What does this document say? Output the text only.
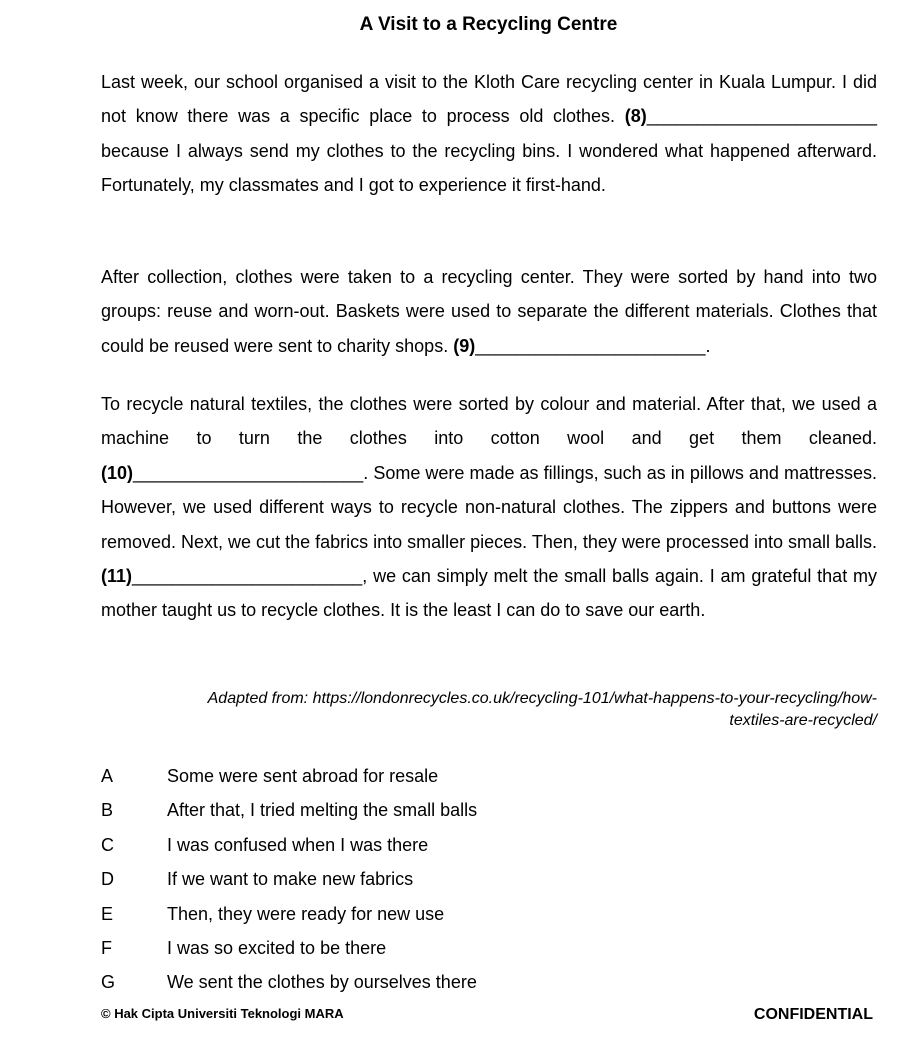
A Visit to a Recycling Centre
Last week, our school organised a visit to the Kloth Care recycling center in Kuala Lumpur. I did not know there was a specific place to process old clothes. (8)_______________________ because I always send my clothes to the recycling bins. I wondered what happened afterward. Fortunately, my classmates and I got to experience it first-hand.
After collection, clothes were taken to a recycling center. They were sorted by hand into two groups: reuse and worn-out. Baskets were used to separate the different materials. Clothes that could be reused were sent to charity shops. (9)_______________________.
To recycle natural textiles, the clothes were sorted by colour and material. After that, we used a machine to turn the clothes into cotton wool and get them cleaned. (10)_______________________. Some were made as fillings, such as in pillows and mattresses. However, we used different ways to recycle non-natural clothes. The zippers and buttons were removed. Next, we cut the fabrics into smaller pieces. Then, they were processed into small balls. (11)_______________________, we can simply melt the small balls again. I am grateful that my mother taught us to recycle clothes. It is the least I can do to save our earth.
Adapted from: https://londonrecycles.co.uk/recycling-101/what-happens-to-your-recycling/how-
textiles-are-recycled/
A	Some were sent abroad for resale
B	After that, I tried melting the small balls
C	I was confused when I was there
D	If we want to make new fabrics
E	Then, they were ready for new use
F	I was so excited to be there
G	We sent the clothes by ourselves there
© Hak Cipta Universiti Teknologi MARA	CONFIDENTIAL
